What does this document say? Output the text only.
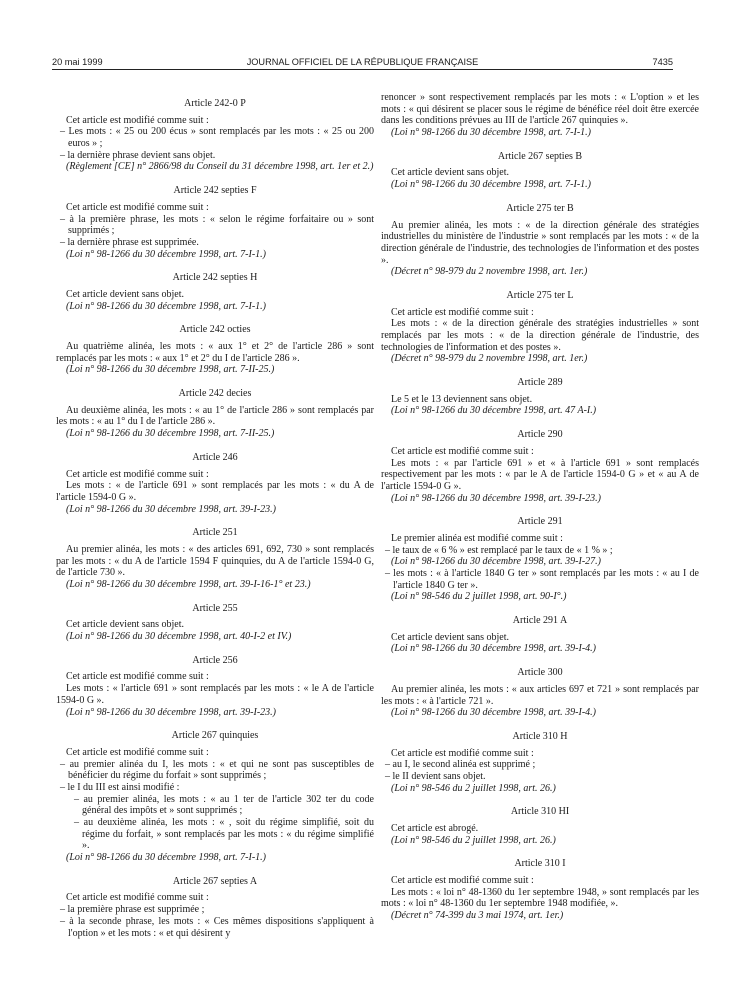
20 mai 1999	JOURNAL OFFICIEL DE LA RÉPUBLIQUE FRANÇAISE	7435
Article 242-0 P
Cet article est modifié comme suit :
– Les mots : « 25 ou 200 écus » sont remplacés par les mots : « 25 ou 200 euros » ;
– la dernière phrase devient sans objet.
(Règlement [CE] n° 2866/98 du Conseil du 31 décembre 1998, art. 1er et 2.)
Article 242 septies F
Cet article est modifié comme suit :
– à la première phrase, les mots : « selon le régime forfaitaire ou » sont supprimés ;
– la dernière phrase est supprimée.
(Loi n° 98-1266 du 30 décembre 1998, art. 7-I-1.)
Article 242 septies H
Cet article devient sans objet.
(Loi n° 98-1266 du 30 décembre 1998, art. 7-I-1.)
Article 242 octies
Au quatrième alinéa, les mots : « aux 1° et 2° de l'article 286 » sont remplacés par les mots : « aux 1° et 2° du I de l'article 286 ».
(Loi n° 98-1266 du 30 décembre 1998, art. 7-II-25.)
Article 242 decies
Au deuxième alinéa, les mots : « au 1° de l'article 286 » sont remplacés par les mots : « au 1° du I de l'article 286 ».
(Loi n° 98-1266 du 30 décembre 1998, art. 7-II-25.)
Article 246
Cet article est modifié comme suit :
Les mots : « de l'article 691 » sont remplacés par les mots : « du A de l'article 1594-0 G ».
(Loi n° 98-1266 du 30 décembre 1998, art. 39-I-23.)
Article 251
Au premier alinéa, les mots : « des articles 691, 692, 730 » sont remplacés par les mots : « du A de l'article 1594 F quinquies, du A de l'article 1594-0 G, de l'article 730 ».
(Loi n° 98-1266 du 30 décembre 1998, art. 39-I-16-1° et 23.)
Article 255
Cet article devient sans objet.
(Loi n° 98-1266 du 30 décembre 1998, art. 40-I-2 et IV.)
Article 256
Cet article est modifié comme suit :
Les mots : « l'article 691 » sont remplacés par les mots : « le A de l'article 1594-0 G ».
(Loi n° 98-1266 du 30 décembre 1998, art. 39-I-23.)
Article 267 quinquies
Cet article est modifié comme suit :
– au premier alinéa du I, les mots : « et qui ne sont pas susceptibles de bénéficier du régime du forfait » sont supprimés ;
– le I du III est ainsi modifié :
– au premier alinéa, les mots : « au 1 ter de l'article 302 ter du code général des impôts et » sont supprimés ;
– au deuxième alinéa, les mots : « , soit du régime simplifié, soit du régime du forfait, » sont remplacés par les mots : « du régime simplifié ».
(Loi n° 98-1266 du 30 décembre 1998, art. 7-I-1.)
Article 267 septies A
Cet article est modifié comme suit :
– la première phrase est supprimée ;
– à la seconde phrase, les mots : « Ces mêmes dispositions s'appliquent à l'option » et les mots : « et qui désirent y
renoncer » sont respectivement remplacés par les mots : « L'option » et les mots : « qui désirent se placer sous le régime de bénéfice réel doit être exercée dans les conditions prévues au III de l'article 267 quinquies ».
(Loi n° 98-1266 du 30 décembre 1998, art. 7-I-1.)
Article 267 septies B
Cet article devient sans objet.
(Loi n° 98-1266 du 30 décembre 1998, art. 7-I-1.)
Article 275 ter B
Au premier alinéa, les mots : « de la direction générale des stratégies industrielles du ministère de l'industrie » sont remplacés par les mots : « de la direction générale de l'industrie, des technologies de l'information et des postes ».
(Décret n° 98-979 du 2 novembre 1998, art. 1er.)
Article 275 ter L
Cet article est modifié comme suit :
Les mots : « de la direction générale des stratégies industrielles » sont remplacés par les mots : « de la direction générale de l'industrie, des technologies de l'information et des postes ».
(Décret n° 98-979 du 2 novembre 1998, art. 1er.)
Article 289
Le 5 et le 13 deviennent sans objet.
(Loi n° 98-1266 du 30 décembre 1998, art. 47 A-I.)
Article 290
Cet article est modifié comme suit :
Les mots : « par l'article 691 » et « à l'article 691 » sont remplacés respectivement par les mots : « par le A de l'article 1594-0 G » et « au A de l'article 1594-0 G ».
(Loi n° 98-1266 du 30 décembre 1998, art. 39-I-23.)
Article 291
Le premier alinéa est modifié comme suit :
– le taux de « 6 % » est remplacé par le taux de « 1 % » ;
(Loi n° 98-1266 du 30 décembre 1998, art. 39-I-27.)
– les mots : « à l'article 1840 G ter » sont remplacés par les mots : « au I de l'article 1840 G ter ».
(Loi n° 98-546 du 2 juillet 1998, art. 90-I°.)
Article 291 A
Cet article devient sans objet.
(Loi n° 98-1266 du 30 décembre 1998, art. 39-I-4.)
Article 300
Au premier alinéa, les mots : « aux articles 697 et 721 » sont remplacés par les mots : « à l'article 721 ».
(Loi n° 98-1266 du 30 décembre 1998, art. 39-I-4.)
Article 310 H
Cet article est modifié comme suit :
– au I, le second alinéa est supprimé ;
– le II devient sans objet.
(Loi n° 98-546 du 2 juillet 1998, art. 26.)
Article 310 HI
Cet article est abrogé.
(Loi n° 98-546 du 2 juillet 1998, art. 26.)
Article 310 I
Cet article est modifié comme suit :
Les mots : « loi n° 48-1360 du 1er septembre 1948, » sont remplacés par les mots : « loi n° 48-1360 du 1er septembre 1948 modifiée, ».
(Décret n° 74-399 du 3 mai 1974, art. 1er.)
